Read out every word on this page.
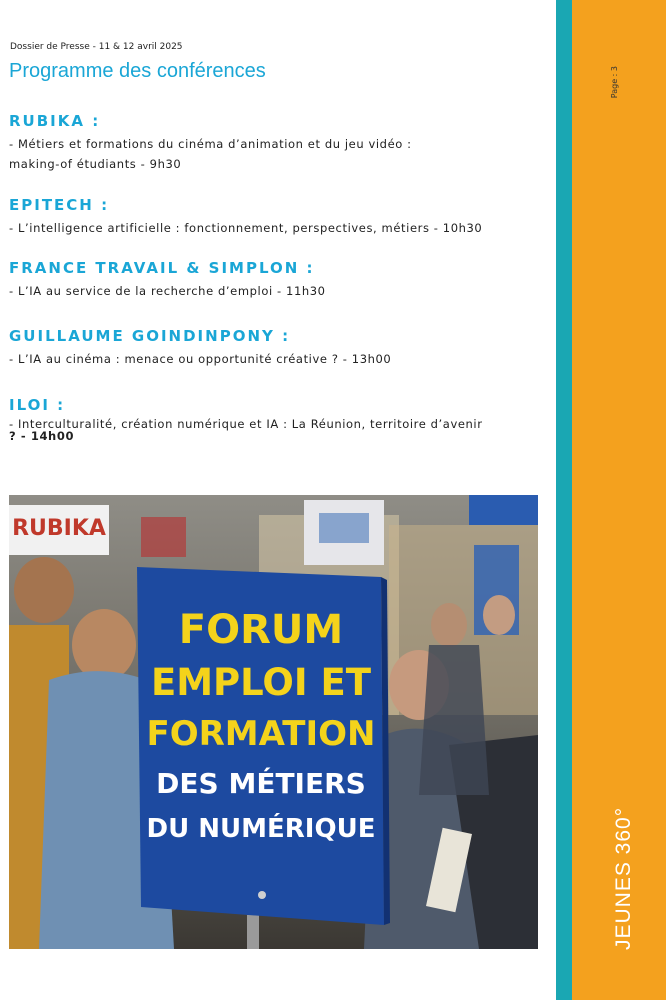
Dossier de Presse - 11 & 12 avril 2025
Programme des conférences
RUBIKA :
- Métiers et formations du cinéma d’animation et du jeu vidéo :
making-of étudiants - 9h30
EPITECH :
- L’intelligence artificielle : fonctionnement, perspectives, métiers - 10h30
FRANCE TRAVAIL & SIMPLON :
- L’IA au service de la recherche d’emploi - 11h30
GUILLAUME GOINDINPONY :
- L’IA au cinéma : menace ou opportunité créative ? - 13h00
ILOI :
- Interculturalité, création numérique et IA : La Réunion, territoire d’avenir
? - 14h00
RUBIKA
FORUM
EMPLOI ET
FORMATION
DES MÉTIERS
DU NUMÉRIQUE
Page : 3
JEUNES 360°
